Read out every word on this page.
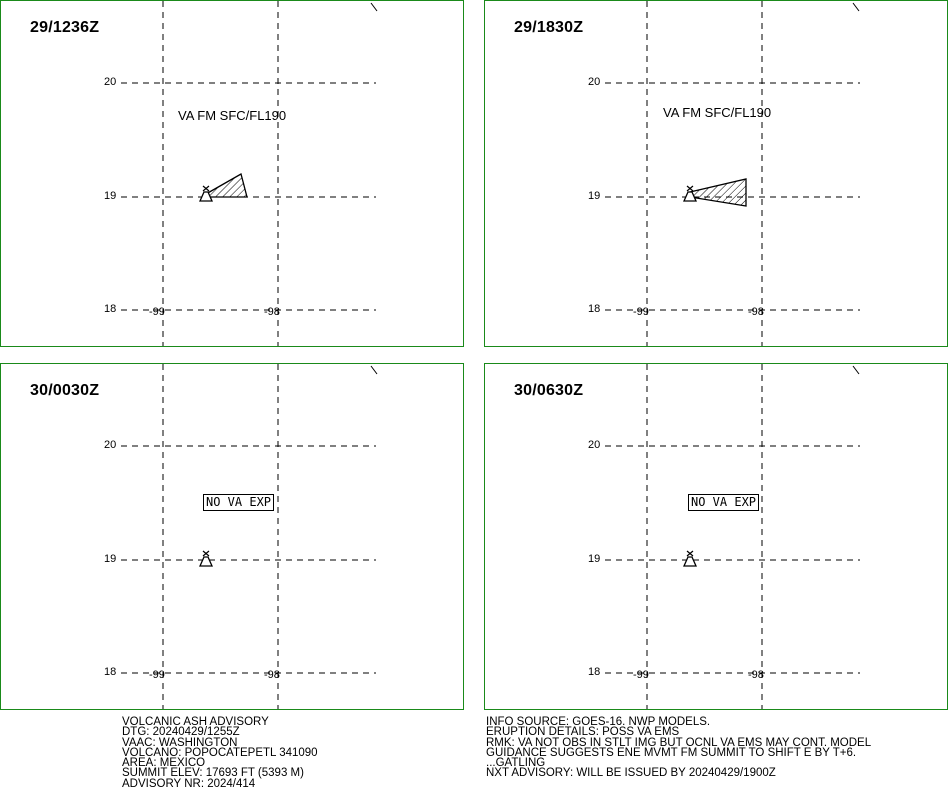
29/1236Z
VA FM SFC/FL190
20
19
18	-99	-98
29/1830Z
VA FM SFC/FL190
20
19
18	-99	-98
30/0030Z
NO VA EXP
20
19
18	-99	-98
30/0630Z
NO VA EXP
20
19
18	-99	-98
VOLCANIC ASH ADVISORY
DTG: 20240429/1255Z
VAAC: WASHINGTON
VOLCANO: POPOCATEPETL 341090
AREA: MEXICO
SUMMIT ELEV: 17693 FT (5393 M)
ADVISORY NR: 2024/414
INFO SOURCE: GOES-16. NWP MODELS.
ERUPTION DETAILS: POSS VA EMS
RMK: VA NOT OBS IN STLT IMG BUT OCNL VA EMS MAY CONT. MODEL
GUIDANCE SUGGESTS ENE MVMT FM SUMMIT TO SHIFT E BY T+6.
...GATLING
NXT ADVISORY: WILL BE ISSUED BY 20240429/1900Z
